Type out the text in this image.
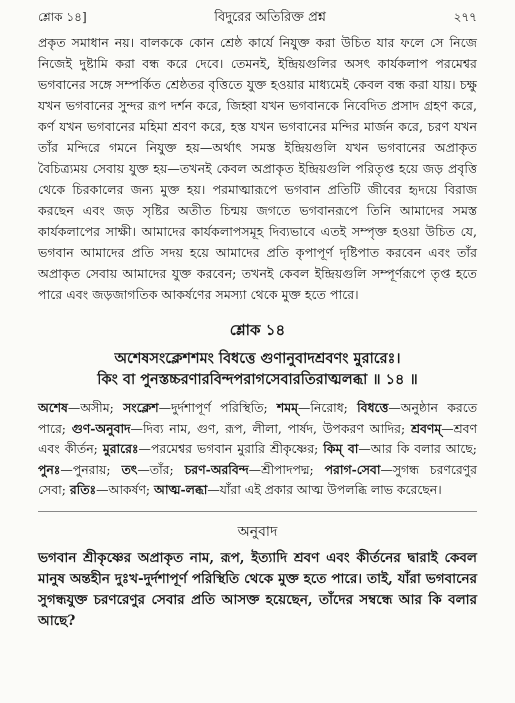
শ্লোক ১৪]	বিদুরের অতিরিক্ত প্রশ্ন	২৭৭

প্রকৃত সমাধান নয়। বালককে কোন শ্রেষ্ঠ কার্যে নিযুক্ত করা উচিত যার ফলে সে নিজে নিজেই দুষ্টামি করা বন্ধ করে দেবে। তেমনই, ইন্দ্রিয়গুলির অসৎ কার্যকলাপ পরমেশ্বর ভগবানের সঙ্গে সম্পর্কিত শ্রেষ্ঠতর বৃত্তিতে যুক্ত হওয়ার মাধ্যমেই কেবল বন্ধ করা যায়। চক্ষু যখন ভগবানের সুন্দর রূপ দর্শন করে, জিহ্বা যখন ভগবানকে নিবেদিত প্রসাদ গ্রহণ করে, কর্ণ যখন ভগবানের মহিমা শ্রবণ করে, হস্ত যখন ভগবানের মন্দির মার্জন করে, চরণ যখন তাঁর মন্দিরে গমনে নিযুক্ত হয়—অর্থাৎ সমস্ত ইন্দ্রিয়গুলি যখন ভগবানের অপ্রাকৃত বৈচিত্র্যময় সেবায় যুক্ত হয়—তখনই কেবল অপ্রাকৃত ইন্দ্রিয়গুলি পরিতৃপ্ত হয়ে জড় প্রবৃত্তি থেকে চিরকালের জন্য মুক্ত হয়। পরমাত্মারূপে ভগবান প্রতিটি জীবের হৃদয়ে বিরাজ করছেন এবং জড় সৃষ্টির অতীত চিন্ময় জগতে ভগবানরূপে তিনি আমাদের সমস্ত কার্যকলাপের সাক্ষী। আমাদের কার্যকলাপসমূহ দিব্যভাবে এতই সম্পৃক্ত হওয়া উচিত যে, ভগবান আমাদের প্রতি সদয় হয়ে আমাদের প্রতি কৃপাপূর্ণ দৃষ্টিপাত করবেন এবং তাঁর অপ্রাকৃত সেবায় আমাদের যুক্ত করবেন; তখনই কেবল ইন্দ্রিয়গুলি সম্পূর্ণরূপে তৃপ্ত হতে পারে এবং জড়জাগতিক আকর্ষণের সমস্যা থেকে মুক্ত হতে পারে।

শ্লোক ১৪
অশেষসংক্লেশশমং বিধত্তে গুণানুবাদশ্রবণং মুরারেঃ।
কিং বা পুনস্তচ্চরণারবিন্দপরাগসেবারতিরাত্মলব্ধা ॥ ১৪ ॥
অশেষ—অসীম; সংক্লেশ—দুর্দশাপূর্ণ পরিস্থিতি; শমম্—নিরোধ; বিধত্তে—অনুষ্ঠান করতে পারে; গুণ-অনুবাদ—দিব্য নাম, গুণ, রূপ, লীলা, পার্ষদ, উপকরণ আদির; শ্রবণম্—শ্রবণ এবং কীর্তন; মুরারেঃ—পরমেশ্বর ভগবান মুরারি শ্রীকৃষ্ণের; কিম্ বা—আর কি বলার আছে; পুনঃ—পুনরায়; তৎ—তাঁর; চরণ-অরবিন্দ—শ্রীপাদপদ্ম; পরাগ-সেবা—সুগন্ধ চরণরেণুর সেবা; রতিঃ—আকর্ষণ; আত্ম-লব্ধা—যাঁরা এই প্রকার আত্ম উপলব্ধি লাভ করেছেন।
অনুবাদ
ভগবান শ্রীকৃষ্ণের অপ্রাকৃত নাম, রূপ, ইত্যাদি শ্রবণ এবং কীর্তনের দ্বারাই কেবল মানুষ অন্তহীন দুঃখ-দুর্দশাপূর্ণ পরিস্থিতি থেকে মুক্ত হতে পারে। তাই, যাঁরা ভগবানের সুগন্ধযুক্ত চরণরেণুর সেবার প্রতি আসক্ত হয়েছেন, তাঁদের সম্বন্ধে আর কি বলার আছে?
